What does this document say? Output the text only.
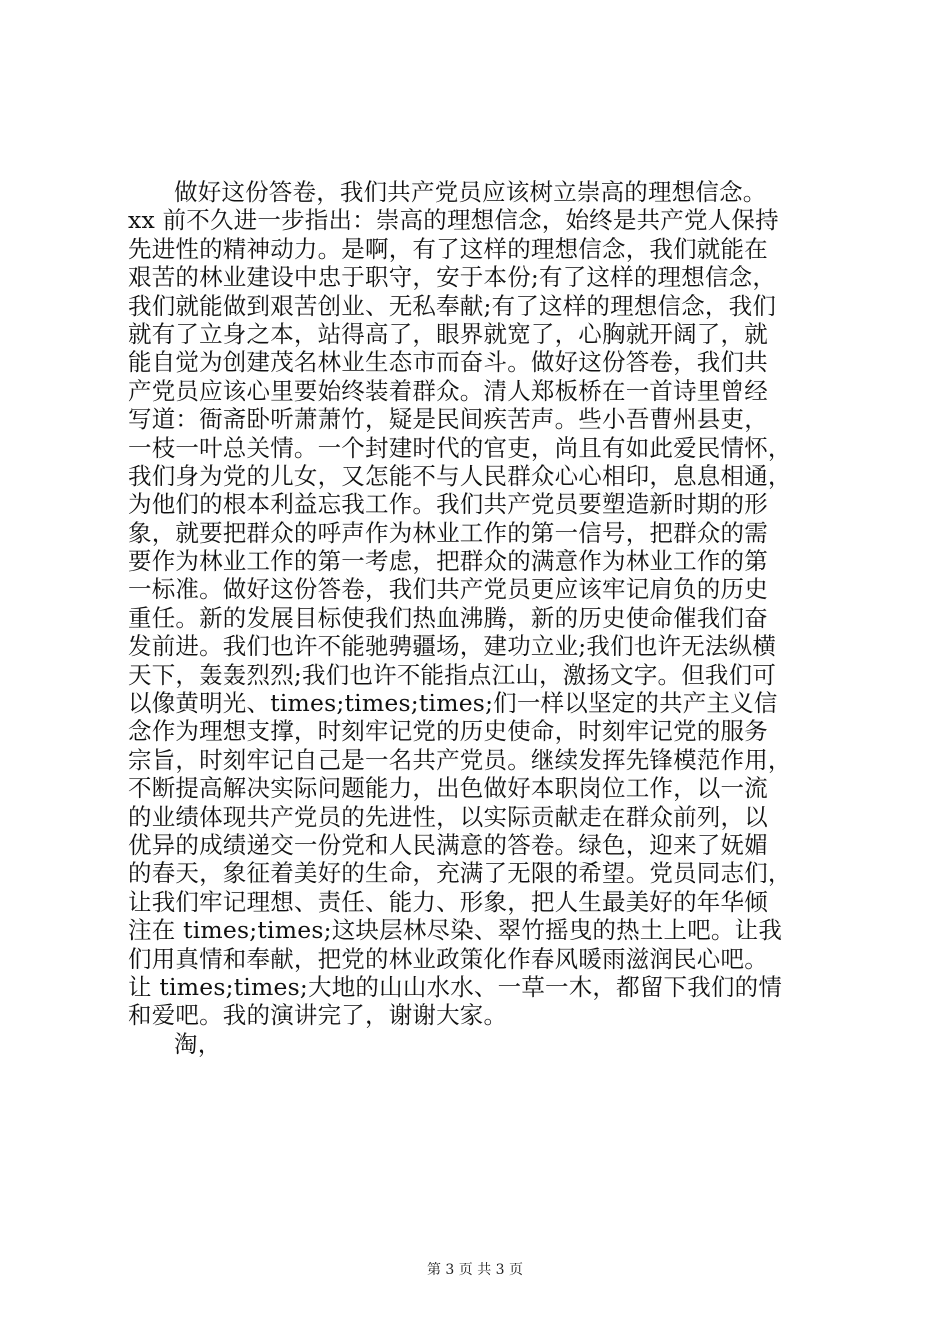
做好这份答卷，我们共产党员应该树立崇高的理想信念。
xx 前不久进一步指出：崇高的理想信念，始终是共产党人保持
先进性的精神动力。是啊，有了这样的理想信念，我们就能在
艰苦的林业建设中忠于职守，安于本份;有了这样的理想信念，
我们就能做到艰苦创业、无私奉献;有了这样的理想信念，我们
就有了立身之本，站得高了，眼界就宽了，心胸就开阔了，就
能自觉为创建茂名林业生态市而奋斗。做好这份答卷，我们共
产党员应该心里要始终装着群众。清人郑板桥在一首诗里曾经
写道：衙斋卧听萧萧竹，疑是民间疾苦声。些小吾曹州县吏，
一枝一叶总关情。一个封建时代的官吏，尚且有如此爱民情怀，
我们身为党的儿女，又怎能不与人民群众心心相印，息息相通，
为他们的根本利益忘我工作。我们共产党员要塑造新时期的形
象，就要把群众的呼声作为林业工作的第一信号，把群众的需
要作为林业工作的第一考虑，把群众的满意作为林业工作的第
一标准。做好这份答卷，我们共产党员更应该牢记肩负的历史
重任。新的发展目标使我们热血沸腾，新的历史使命催我们奋
发前进。我们也许不能驰骋疆场，建功立业;我们也许无法纵横
天下，轰轰烈烈;我们也许不能指点江山，激扬文字。但我们可
以像黄明光、times;times;times;们一样以坚定的共产主义信
念作为理想支撑，时刻牢记党的历史使命，时刻牢记党的服务
宗旨，时刻牢记自己是一名共产党员。继续发挥先锋模范作用，
不断提高解决实际问题能力，出色做好本职岗位工作，以一流
的业绩体现共产党员的先进性，以实际贡献走在群众前列，以
优异的成绩递交一份党和人民满意的答卷。绿色，迎来了妩媚
的春天，象征着美好的生命，充满了无限的希望。党员同志们，
让我们牢记理想、责任、能力、形象，把人生最美好的年华倾
注在 times;times;这块层林尽染、翠竹摇曳的热土上吧。让我
们用真情和奉献，把党的林业政策化作春风暖雨滋润民心吧。
让 times;times;大地的山山水水、一草一木，都留下我们的情
和爱吧。我的演讲完了，谢谢大家。
淘，
第 3 页 共 3 页
